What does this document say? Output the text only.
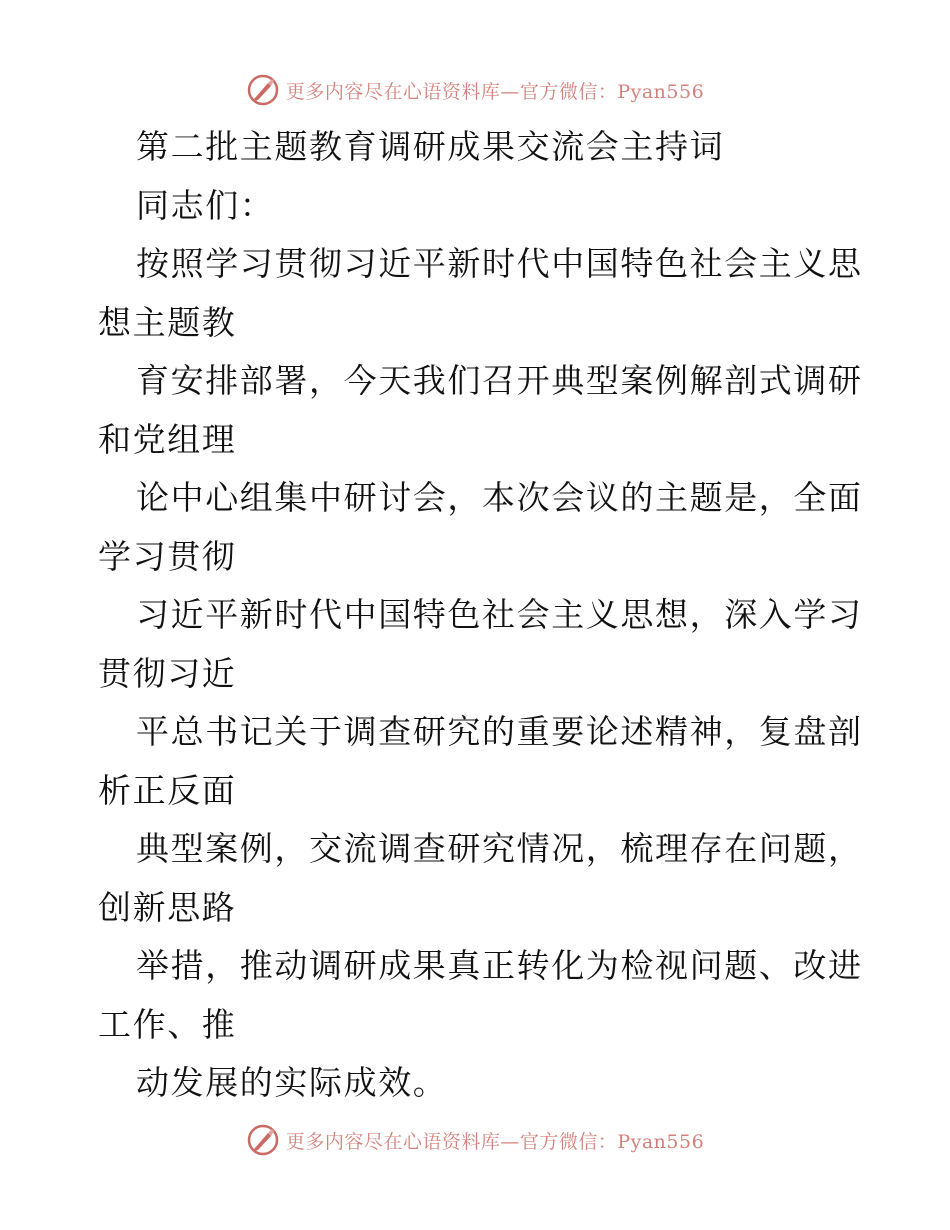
更多内容尽在心语资料库—官方微信：Pyan556
第二批主题教育调研成果交流会主持词
同志们：
按照学习贯彻习近平新时代中国特色社会主义思
想主题教
育安排部署，今天我们召开典型案例解剖式调研
和党组理
论中心组集中研讨会，本次会议的主题是，全面
学习贯彻
习近平新时代中国特色社会主义思想，深入学习
贯彻习近
平总书记关于调查研究的重要论述精神，复盘剖
析正反面
典型案例，交流调查研究情况，梳理存在问题，
创新思路
举措，推动调研成果真正转化为检视问题、改进
工作、推
动发展的实际成效。
更多内容尽在心语资料库—官方微信：Pyan556
